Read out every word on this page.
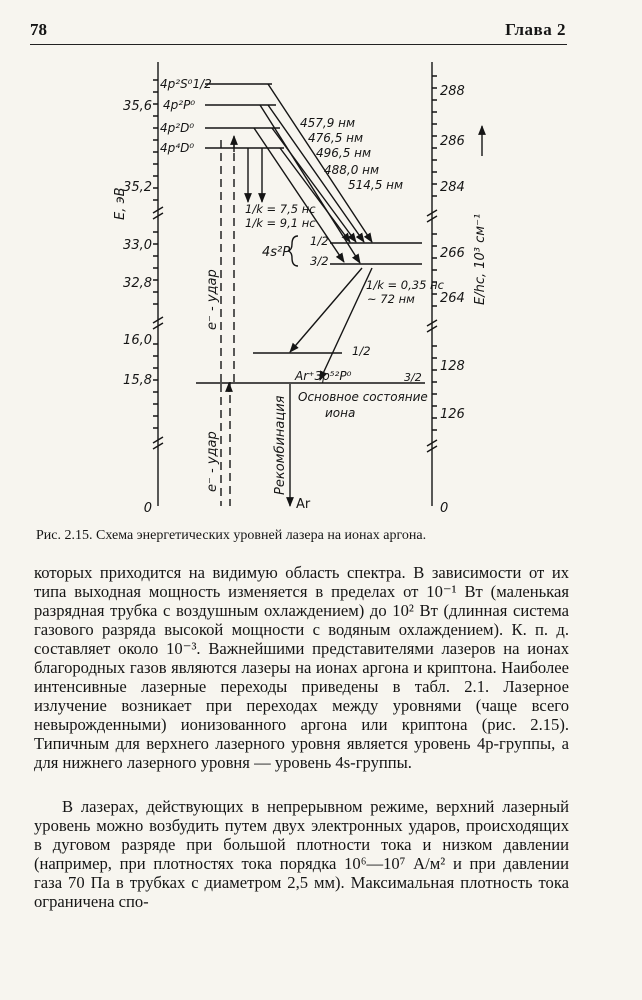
78	Глава 2
35,6
35,2
33,0
32,8
16,0
15,8
0
288
286
284
266
264
128
126
0
E, эВ
E/hc, 10³ см⁻¹
4p²S⁰1/2
4p²P⁰
4p²D⁰
4p⁴D⁰
457,9 нм
476,5 нм
496,5 нм
488,0 нм
514,5 нм
1/k = 7,5 нс
1/k = 9,1 нс
4s²P
1/2
3/2
1/k = 0,35 нс
~ 72 нм
1/2
Ar⁺3p⁵²P⁰	3/2
Основное состояние
иона
e⁻ - удар
e⁻ - удар	Рекомбинация
Ar
Рис. 2.15. Схема энергетических уровней лазера на ионах аргона.

которых приходится на видимую область спектра. В зависимости от их типа выходная мощность изменяется в пределах от 10⁻¹ Вт (маленькая разрядная трубка с воздушным охлаждением) до 10² Вт (длинная система газового разряда высокой мощности с водяным охлаждением). К. п. д. составляет около 10⁻³. Важнейшими представителями лазеров на ионах благородных газов являются лазеры на ионах аргона и криптона. Наиболее интенсивные лазерные переходы приведены в табл. 2.1. Лазерное излучение возникает при переходах между уровнями (чаще всего невырожденными) ионизованного аргона или криптона (рис. 2.15). Типичным для верхнего лазерного уровня является уровень 4p-группы, а для нижнего лазерного уровня — уровень 4s-группы.

В лазерах, действующих в непрерывном режиме, верхний лазерный уровень можно возбудить путем двух электронных ударов, происходящих в дуговом разряде при большой плотности тока и низком давлении (например, при плотностях тока порядка 10⁶—10⁷ А/м² и при давлении газа 70 Па в трубках с диаметром 2,5 мм). Максимальная плотность тока ограничена спо-
